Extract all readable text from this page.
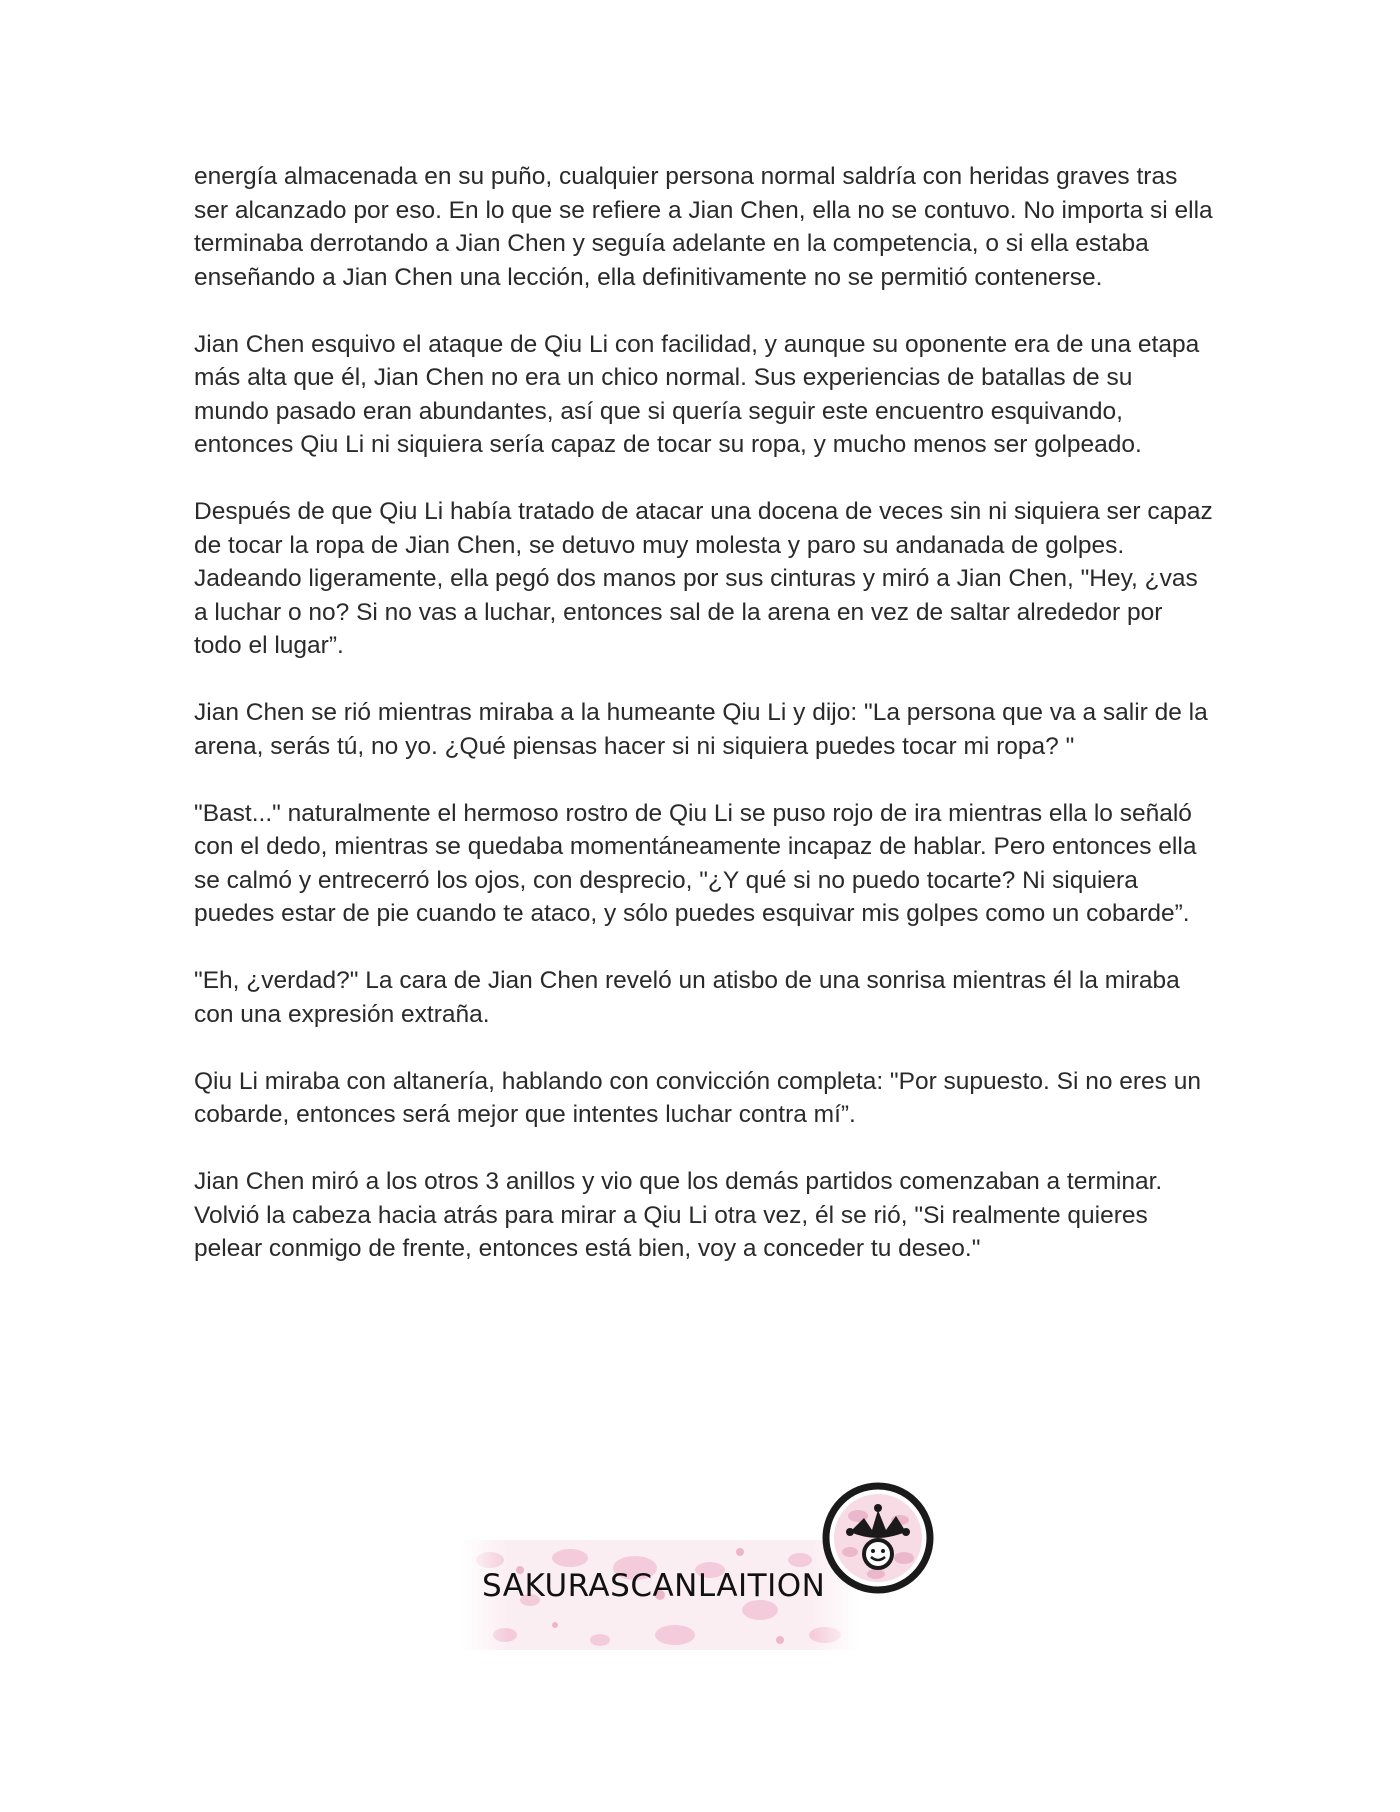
energía almacenada en su puño, cualquier persona normal saldría con heridas graves tras ser alcanzado por eso. En lo que se refiere a Jian Chen, ella no se contuvo. No importa si ella terminaba derrotando a Jian Chen y seguía adelante en la competencia, o si ella estaba enseñando a Jian Chen una lección, ella definitivamente no se permitió contenerse.

Jian Chen esquivo el ataque de Qiu Li con facilidad, y aunque su oponente era de una etapa más alta que él, Jian Chen no era un chico normal. Sus experiencias de batallas de su mundo pasado eran abundantes, así que si quería seguir este encuentro esquivando, entonces Qiu Li ni siquiera sería capaz de tocar su ropa, y mucho menos ser golpeado.

Después de que Qiu Li había tratado de atacar una docena de veces sin ni siquiera ser capaz de tocar la ropa de Jian Chen, se detuvo muy molesta y paro su andanada de golpes. Jadeando ligeramente, ella pegó dos manos por sus cinturas y miró a Jian Chen, "Hey, ¿vas a luchar o no? Si no vas a luchar, entonces sal de la arena en vez de saltar alrededor por todo el lugar”.

Jian Chen se rió mientras miraba a la humeante Qiu Li y dijo: "La persona que va a salir de la arena, serás tú, no yo. ¿Qué piensas hacer si ni siquiera puedes tocar mi ropa? "

"Bast..." naturalmente el hermoso rostro de Qiu Li se puso rojo de ira mientras ella lo señaló con el dedo, mientras se quedaba momentáneamente incapaz de hablar. Pero entonces ella se calmó y entrecerró los ojos, con desprecio, "¿Y qué si no puedo tocarte? Ni siquiera puedes estar de pie cuando te ataco, y sólo puedes esquivar mis golpes como un cobarde”.

"Eh, ¿verdad?" La cara de Jian Chen reveló un atisbo de una sonrisa mientras él la miraba con una expresión extraña.

Qiu Li miraba con altanería, hablando con convicción completa: "Por supuesto. Si no eres un cobarde, entonces será mejor que intentes luchar contra mí”.

Jian Chen miró a los otros 3 anillos y vio que los demás partidos comenzaban a terminar. Volvió la cabeza hacia atrás para mirar a Qiu Li otra vez, él se rió, "Si realmente quieres pelear conmigo de frente, entonces está bien, voy a conceder tu deseo."

SAKURASCANLAITION
